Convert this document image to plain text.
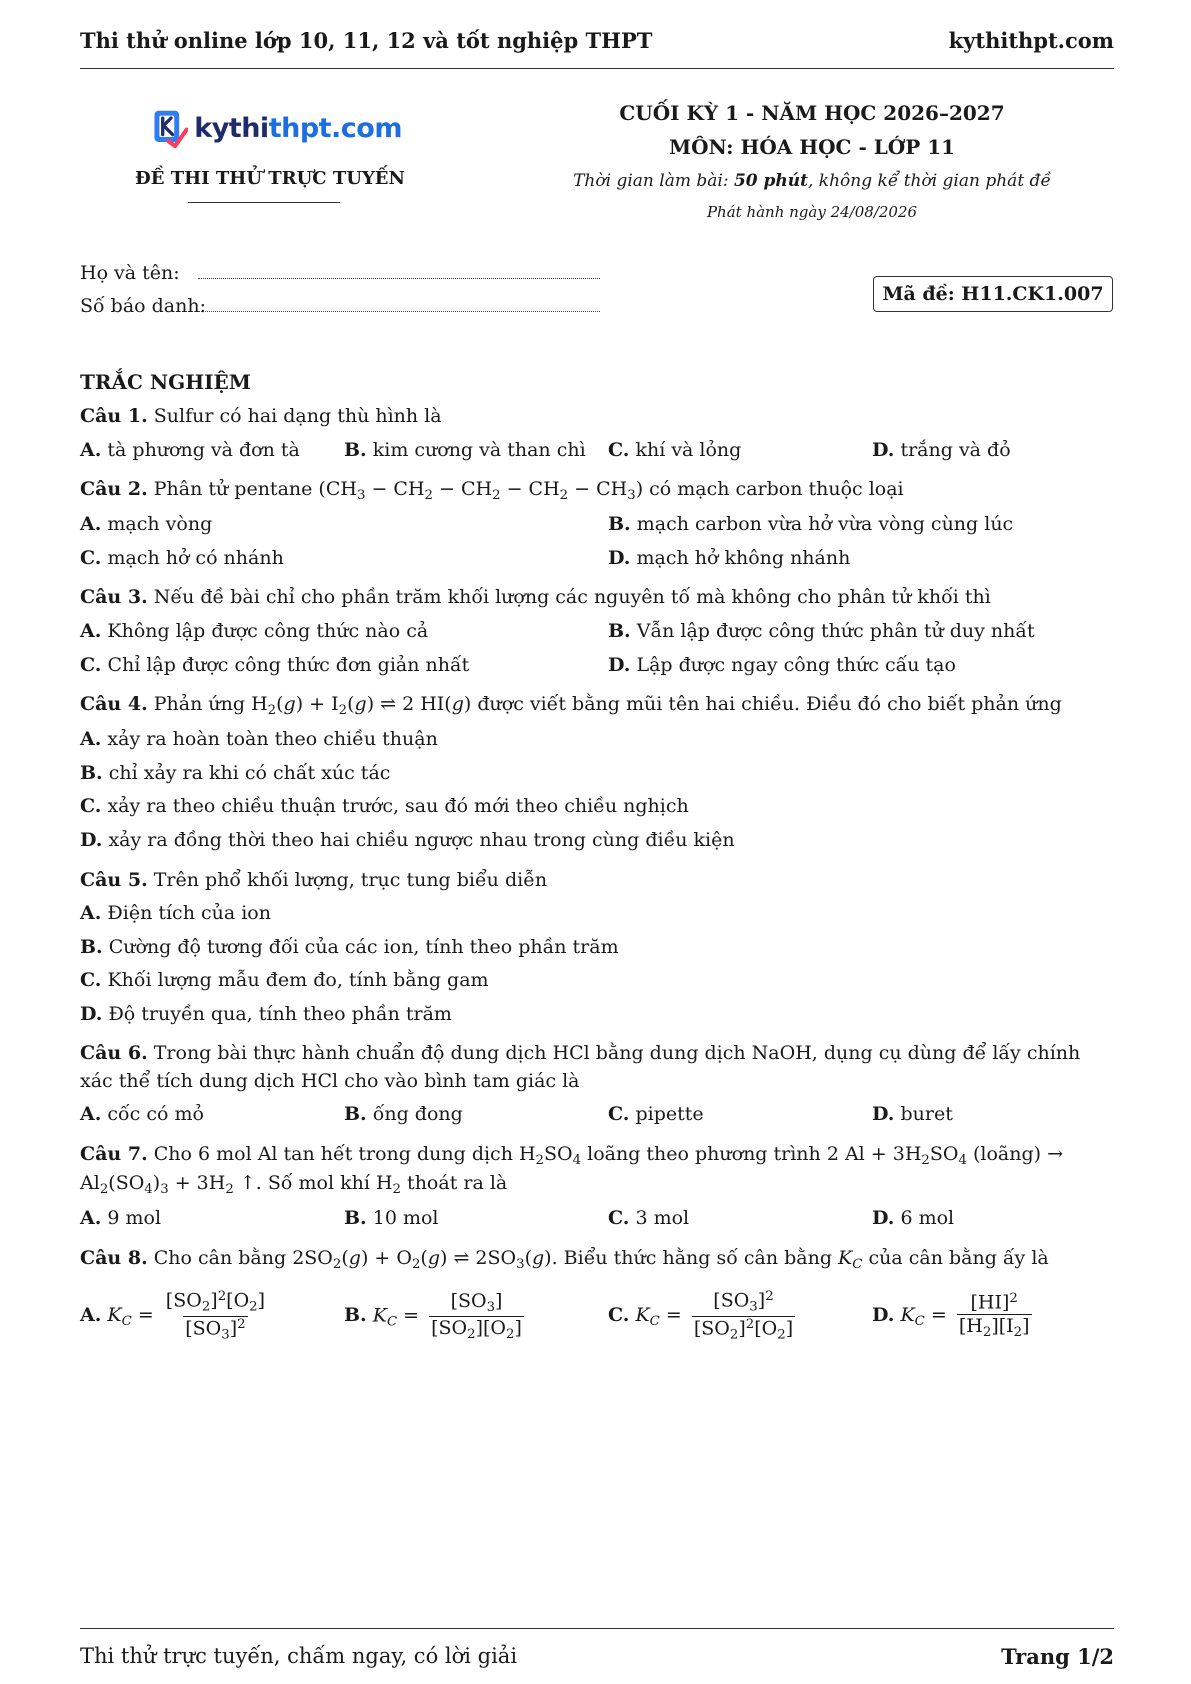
Thi thử online lớp 10, 11, 12 và tốt nghiệp THPT	kythithpt.com
kythithpt.com
ĐỀ THI THỬ TRỰC TUYẾN
CUỐI KỲ 1 - NĂM HỌC 2026–2027
MÔN: HÓA HỌC - LỚP 11
Thời gian làm bài: 50 phút, không kể thời gian phát đề
Phát hành ngày 24/08/2026
Họ và tên:
Số báo danh:
Mã đề: H11.CK1.007
TRẮC NGHIỆM
Câu 1. Sulfur có hai dạng thù hình là
A. tà phương và đơn tà	B. kim cương và than chì	C. khí và lỏng	D. trắng và đỏ
Câu 2. Phân tử pentane $(CH_3 - CH_2 - CH_2 - CH_2 - CH_3)$ có mạch carbon thuộc loại
A. mạch vòng	B. mạch carbon vừa hở vừa vòng cùng lúc
C. mạch hở có nhánh	D. mạch hở không nhánh
Câu 3. Nếu đề bài chỉ cho phần trăm khối lượng các nguyên tố mà không cho phân tử khối thì
A. Không lập được công thức nào cả	B. Vẫn lập được công thức phân tử duy nhất
C. Chỉ lập được công thức đơn giản nhất	D. Lập được ngay công thức cấu tạo
Câu 4. Phản ứng $H_2(g) + I_2(g)$ ⇌ 2 HI(g) được viết bằng mũi tên hai chiều. Điều đó cho biết phản ứng
A. xảy ra hoàn toàn theo chiều thuận
B. chỉ xảy ra khi có chất xúc tác
C. xảy ra theo chiều thuận trước, sau đó mới theo chiều nghịch
D. xảy ra đồng thời theo hai chiều ngược nhau trong cùng điều kiện
Câu 5. Trên phổ khối lượng, trục tung biểu diễn
A. Điện tích của ion
B. Cường độ tương đối của các ion, tính theo phần trăm
C. Khối lượng mẫu đem đo, tính bằng gam
D. Độ truyền qua, tính theo phần trăm
Câu 6. Trong bài thực hành chuẩn độ dung dịch HCl bằng dung dịch NaOH, dụng cụ dùng để lấy chính xác thể tích dung dịch HCl cho vào bình tam giác là
A. cốc có mỏ	B. ống đong	C. pipette	D. buret
Câu 7. Cho 6 mol Al tan hết trong dung dịch $H_2SO_4$ loãng theo phương trình 2 $Al + 3H_2SO_4$ (loãng) → $Al_2(SO_4)_3 + 3H_2$ ↑. Số mol khí $H_2$ thoát ra là
A. 9 mol	B. 10 mol	C. 3 mol	D. 6 mol
Câu 8. Cho cân bằng $2SO_2(g) + O_2(g)$ ⇌ $2SO_3(g)$. Biểu thức hằng số cân bằng $K_C$ của cân bằng ấy là
A.
$K_C = \frac{[SO_2]^2[O_2]}{[SO_3]^2}$	B.
$K_C = \frac{[SO_3]}{[SO_2][O_2]}$	C.
$K_C = \frac{[SO_3]^2}{[SO_2]^2[O_2]}$	D.
$K_C = \frac{[HI]^2}{[H_2][I_2]}$
Thi thử trực tuyến, chấm ngay, có lời giải	Trang 1/2
